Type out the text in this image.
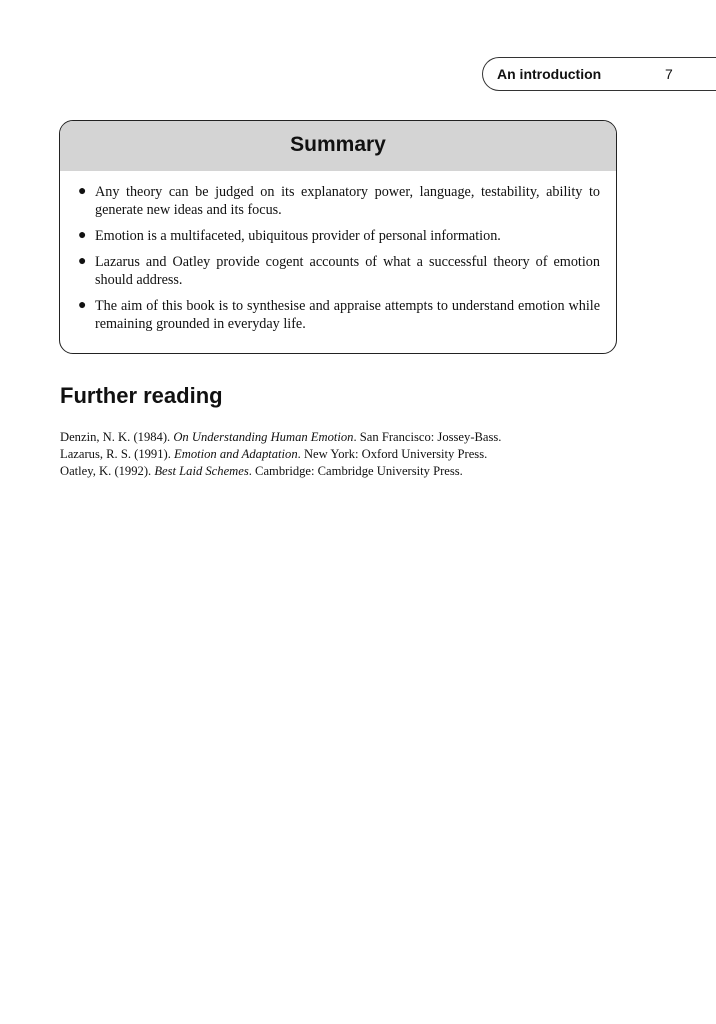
An introduction	7
Summary
● Any theory can be judged on its explanatory power, language, testability, ability to generate new ideas and its focus.
● Emotion is a multifaceted, ubiquitous provider of personal information.
● Lazarus and Oatley provide cogent accounts of what a successful theory of emotion should address.
● The aim of this book is to synthesise and appraise attempts to understand emotion while remaining grounded in everyday life.
Further reading
Denzin, N. K. (1984). On Understanding Human Emotion. San Francisco: Jossey-Bass.
Lazarus, R. S. (1991). Emotion and Adaptation. New York: Oxford University Press.
Oatley, K. (1992). Best Laid Schemes. Cambridge: Cambridge University Press.
